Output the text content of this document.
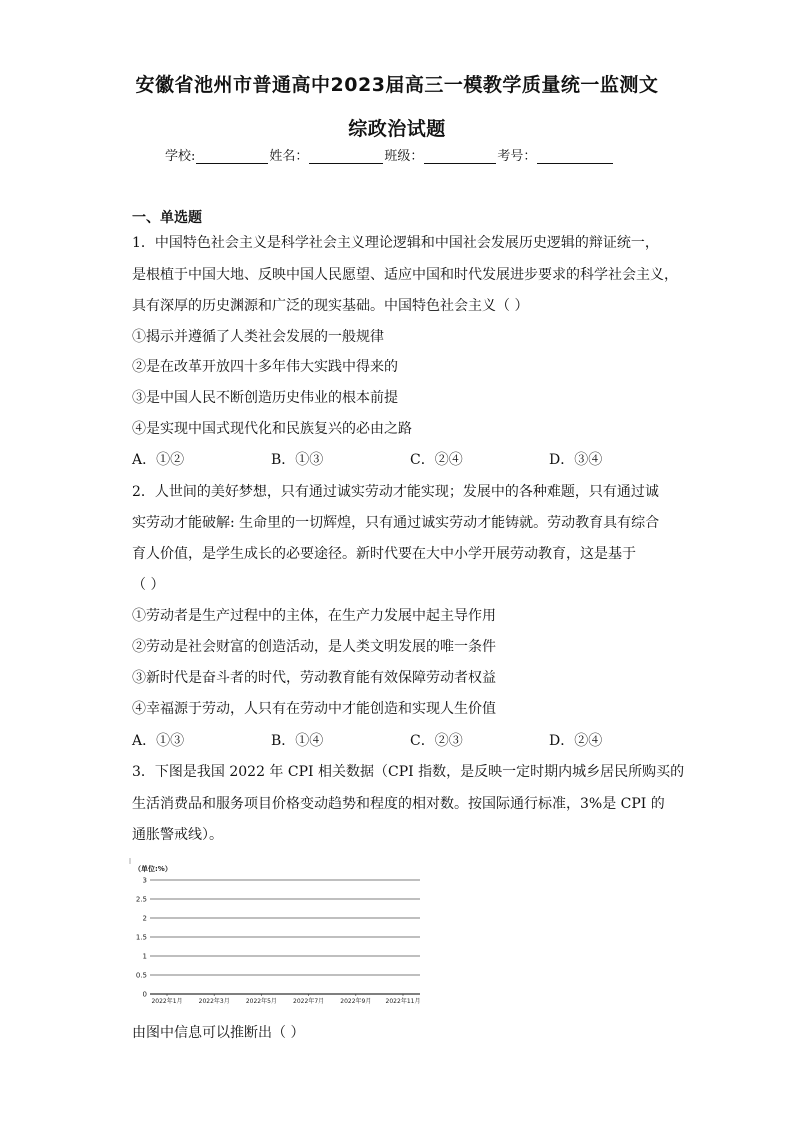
安徽省池州市普通高中2023届高三一模教学质量统一监测文
综政治试题
学校:	姓名：	班级：	考号：
一、单选题
1．中国特色社会主义是科学社会主义理论逻辑和中国社会发展历史逻辑的辩证统一，
是根植于中国大地、反映中国人民愿望、适应中国和时代发展进步要求的科学社会主义，
具有深厚的历史渊源和广泛的现实基础。中国特色社会主义（ ）
①揭示并遵循了人类社会发展的一般规律
②是在改革开放四十多年伟大实践中得来的
③是中国人民不断创造历史伟业的根本前提
④是实现中国式现代化和民族复兴的必由之路
A．①②	B．①③	C．②④	D．③④
2．人世间的美好梦想，只有通过诚实劳动才能实现；发展中的各种难题，只有通过诚
实劳动才能破解: 生命里的一切辉煌，只有通过诚实劳动才能铸就。劳动教育具有综合
育人价值，是学生成长的必要途径。新时代要在大中小学开展劳动教育，这是基于
（ ）
①劳动者是生产过程中的主体，在生产力发展中起主导作用
②劳动是社会财富的创造活动，是人类文明发展的唯一条件
③新时代是奋斗者的时代，劳动教育能有效保障劳动者权益
④幸福源于劳动，人只有在劳动中才能创造和实现人生价值
A．①③	B．①④	C．②③	D．②④
3．下图是我国 2022 年 CPI 相关数据（CPI 指数，是反映一定时期内城乡居民所购买的
生活消费品和服务项目价格变动趋势和程度的相对数。按国际通行标准，3%是 CPI 的
通胀警戒线）。
0
0.5
1
1.5
2
2.5
3
2022年1月	2022年3月	2022年5月	2022年7月	2022年9月 2022年11月
（单位:%）
由图中信息可以推断出（ ）
